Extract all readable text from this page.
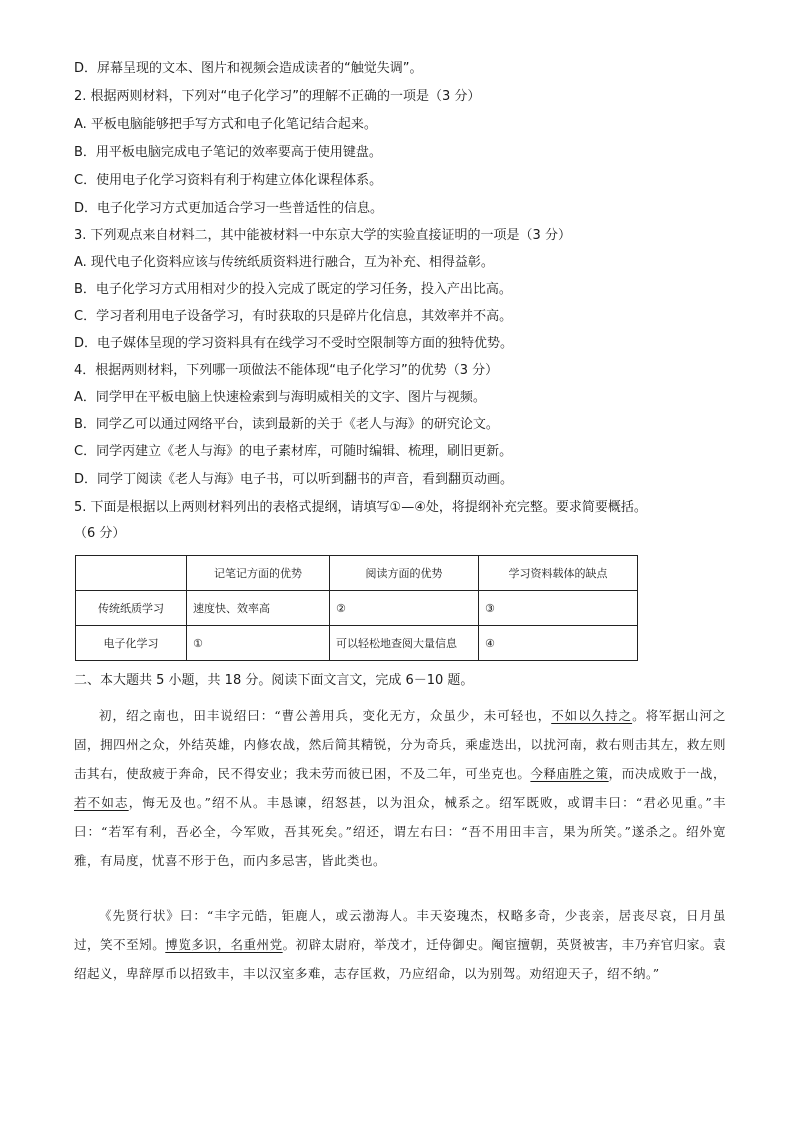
D．屏幕呈现的文本、图片和视频会造成读者的“触觉失调”。
2. 根据两则材料，下列对“电子化学习”的理解不正确的一项是（3 分）
A. 平板电脑能够把手写方式和电子化笔记结合起来。
B．用平板电脑完成电子笔记的效率要高于使用键盘。
C．使用电子化学习资料有利于构建立体化课程体系。
D．电子化学习方式更加适合学习一些普适性的信息。
3. 下列观点来自材料二，其中能被材料一中东京大学的实验直接证明的一项是（3 分）
A. 现代电子化资料应该与传统纸质资料进行融合，互为补充、相得益彰。
B．电子化学习方式用相对少的投入完成了既定的学习任务，投入产出比高。
C．学习者利用电子设备学习，有时获取的只是碎片化信息，其效率并不高。
D．电子媒体呈现的学习资料具有在线学习不受时空限制等方面的独特优势。
4．根据两则材料，下列哪一项做法不能体现“电子化学习”的优势（3 分）
A．同学甲在平板电脑上快速检索到与海明威相关的文字、图片与视频。
B．同学乙可以通过网络平台，读到最新的关于《老人与海》的研究论文。
C．同学丙建立《老人与海》的电子素材库，可随时编辑、梳理，刷旧更新。
D．同学丁阅读《老人与海》电子书，可以听到翻书的声音，看到翻页动画。
5. 下面是根据以上两则材料列出的表格式提纲，请填写①—④处，将提纲补充完整。要求简要概括。
（6 分）
	记笔记方面的优势	阅读方面的优势	学习资料载体的缺点
传统纸质学习	速度快、效率高	②	③
电子化学习	①	可以轻松地查阅大量信息	④
二、本大题共 5 小题，共 18 分。阅读下面文言文，完成 6－10 题。
初，绍之南也，田丰说绍曰：“曹公善用兵，变化无方，众虽少，未可轻也，不如以久持之。将军据山河之固，拥四州之众，外结英雄，内修农战，然后简其精锐，分为奇兵，乘虚迭出，以扰河南，救右则击其左，救左则击其右，使敌疲于奔命，民不得安业；我未劳而彼已困，不及二年，可坐克也。今释庙胜之策，而决成败于一战，若不如志，悔无及也。”绍不从。丰恳谏，绍怒甚，以为沮众，械系之。绍军既败，或谓丰曰：“君必见重。”丰曰：“若军有利，吾必全，今军败，吾其死矣。”绍还，谓左右曰：“吾不用田丰言，果为所笑。”遂杀之。绍外宽雅，有局度，忧喜不形于色，而内多忌害，皆此类也。
《先贤行状》曰：“丰字元皓，钜鹿人，或云渤海人。丰天姿瑰杰，权略多奇，少丧亲，居丧尽哀，日月虽过，笑不至矧。博览多识，名重州党。初辟太尉府，举茂才，迁侍御史。阉宦擅朝，英贤被害，丰乃弃官归家。袁绍起义，卑辞厚币以招致丰，丰以汉室多难，志存匡救，乃应绍命，以为别驾。劝绍迎天子，绍不纳。”
